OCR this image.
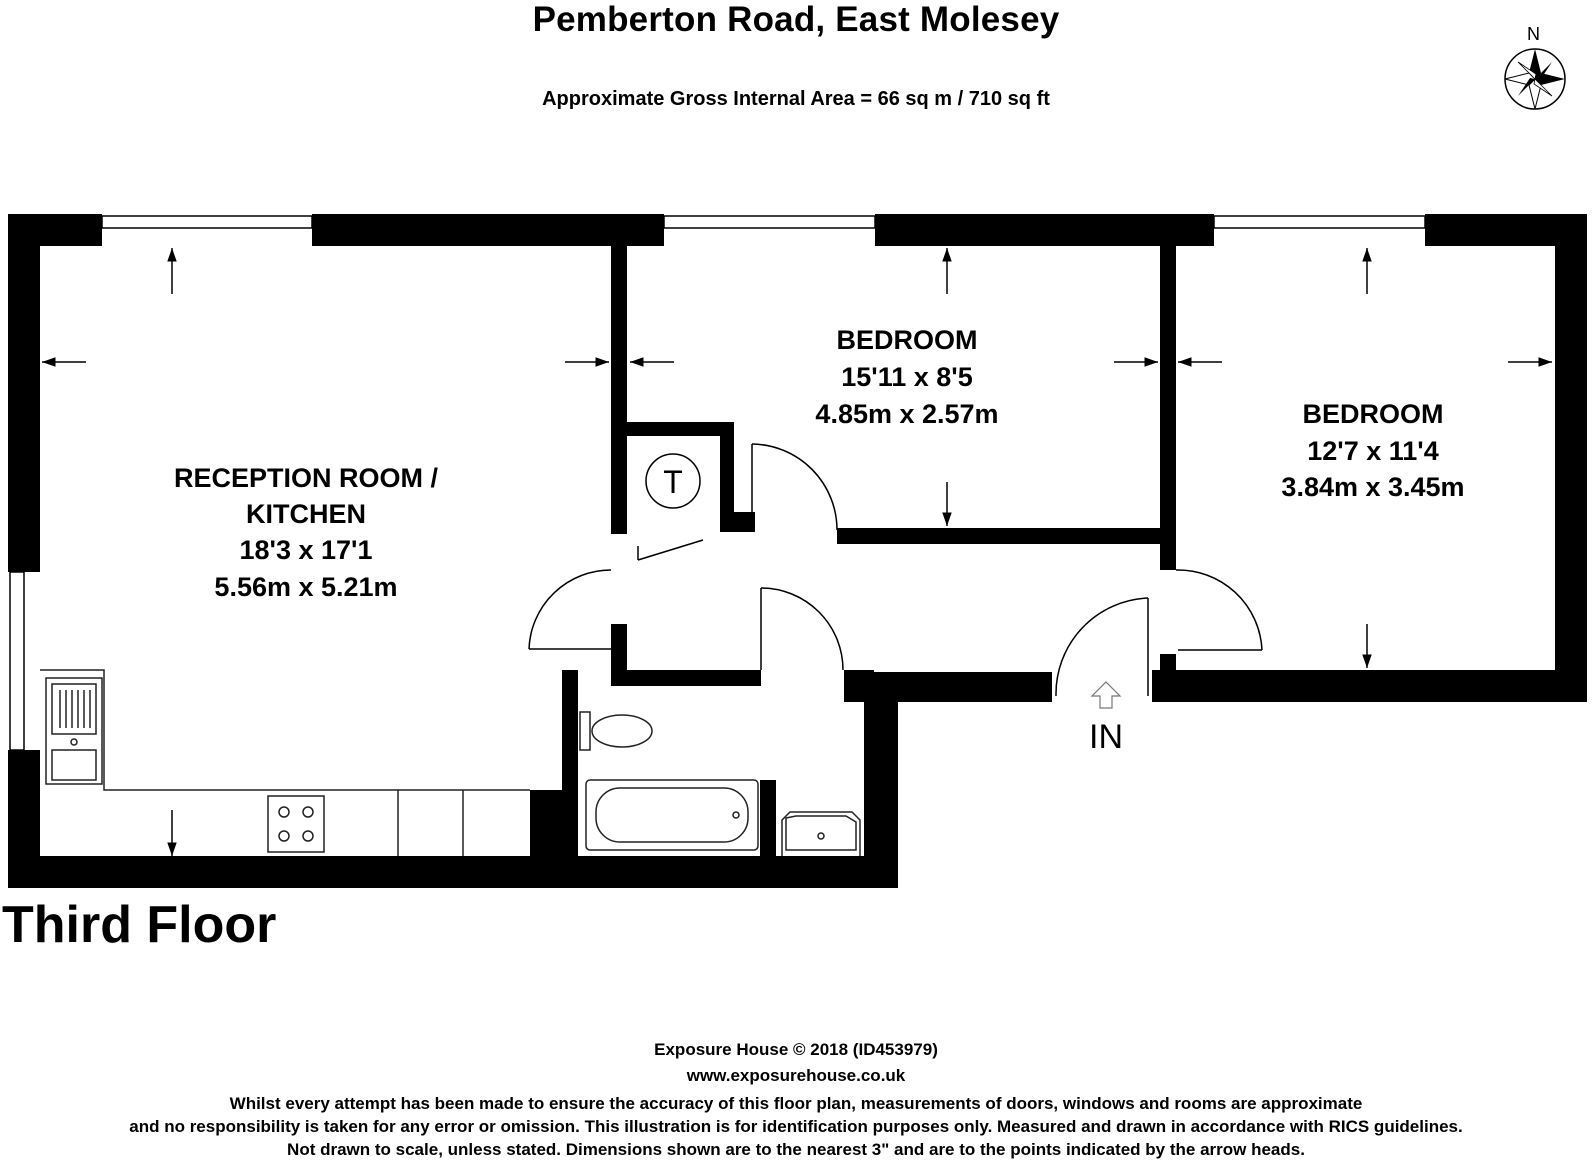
Pemberton Road, East Molesey
Approximate Gross Internal Area = 66 sq m / 710 sq ft
N
T
IN
RECEPTION ROOM /
KITCHEN
18'3 x 17'1
5.56m x 5.21m
BEDROOM
15'11 x 8'5
4.85m x 2.57m	BEDROOM
12'7 x 11'4
3.84m x 3.45m
Third Floor
Exposure House © 2018 (ID453979)
www.exposurehouse.co.uk
Whilst every attempt has been made to ensure the accuracy of this floor plan, measurements of doors, windows and rooms are approximate
and no responsibility is taken for any error or omission. This illustration is for identification purposes only. Measured and drawn in accordance with RICS guidelines.
Not drawn to scale, unless stated. Dimensions shown are to the nearest 3" and are to the points indicated by the arrow heads.
